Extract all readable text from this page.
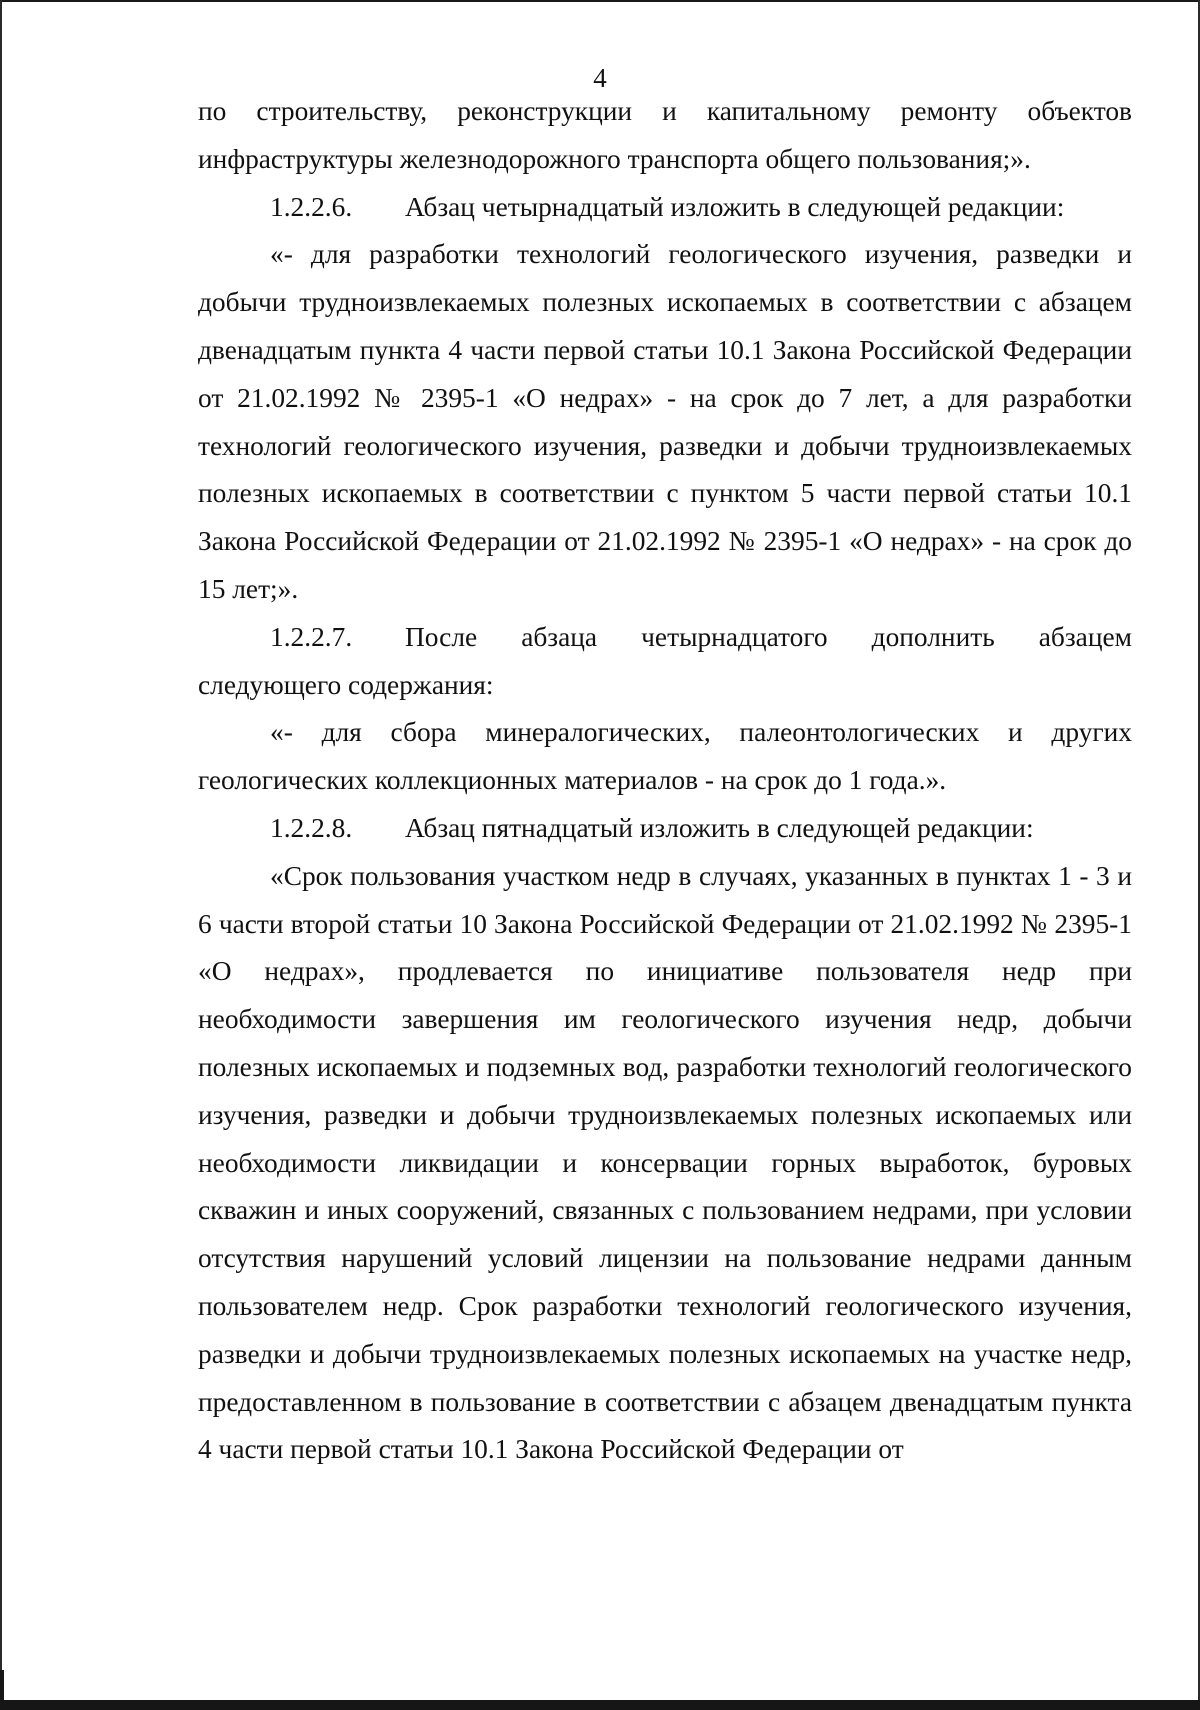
4

по строительству, реконструкции и капитальному ремонту объектов инфраструктуры железнодорожного транспорта общего пользования;».

1.2.2.6. Абзац четырнадцатый изложить в следующей редакции:

«- для разработки технологий геологического изучения, разведки и добычи трудноизвлекаемых полезных ископаемых в соответствии с абзацем двенадцатым пункта 4 части первой статьи 10.1 Закона Российской Федерации от 21.02.1992 № 2395-1 «О недрах» - на срок до 7 лет, а для разработки технологий геологического изучения, разведки и добычи трудноизвлекаемых полезных ископаемых в соответствии с пунктом 5 части первой статьи 10.1 Закона Российской Федерации от 21.02.1992 № 2395-1 «О недрах» - на срок до 15 лет;».

1.2.2.7. После абзаца четырнадцатого дополнить абзацем следующего содержания:

«- для сбора минералогических, палеонтологических и других геологических коллекционных материалов - на срок до 1 года.».

1.2.2.8. Абзац пятнадцатый изложить в следующей редакции:

«Срок пользования участком недр в случаях, указанных в пунктах 1 - 3 и 6 части второй статьи 10 Закона Российской Федерации от 21.02.1992 № 2395-1 «О недрах», продлевается по инициативе пользователя недр при необходимости завершения им геологического изучения недр, добычи полезных ископаемых и подземных вод, разработки технологий геологического изучения, разведки и добычи трудноизвлекаемых полезных ископаемых или необходимости ликвидации и консервации горных выработок, буровых скважин и иных сооружений, связанных с пользованием недрами, при условии отсутствия нарушений условий лицензии на пользование недрами данным пользователем недр. Срок разработки технологий геологического изучения, разведки и добычи трудноизвлекаемых полезных ископаемых на участке недр, предоставленном в пользование в соответствии с абзацем двенадцатым пункта 4 части первой статьи 10.1 Закона Российской Федерации от
